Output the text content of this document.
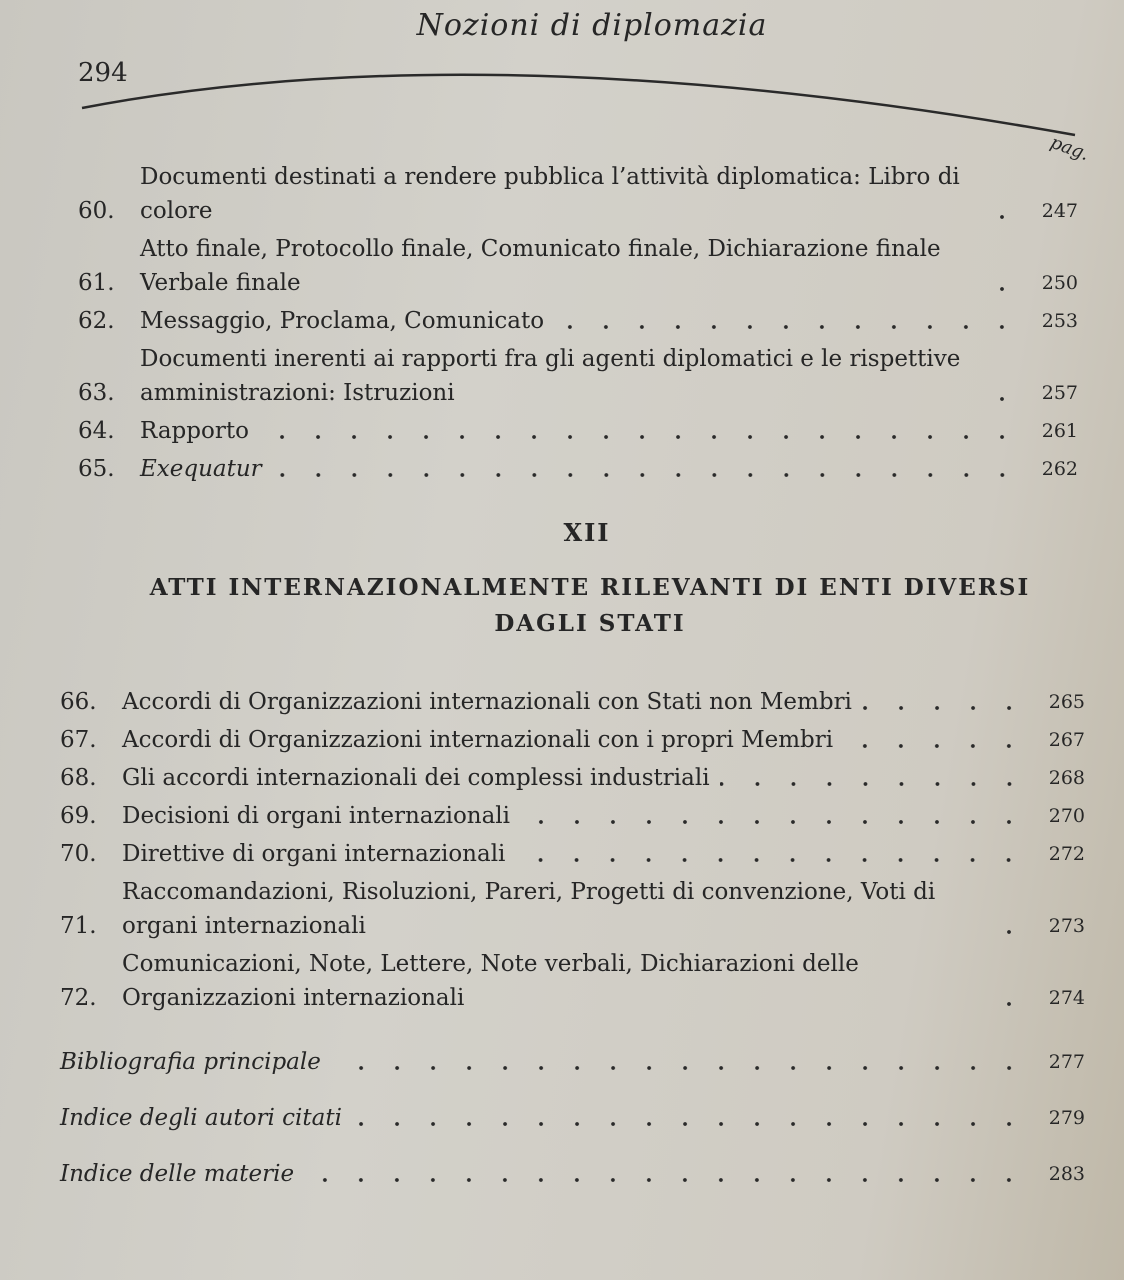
Nozioni di diplomazia
294
pag.
60.
Documenti destinati a rendere pubblica l’attività diplomatica: Libro di colore	247
61.
Atto finale, Protocollo finale, Comunicato finale, Dichiarazione finale Verbale finale	250
62.	Messaggio, Proclama, Comunicato	253
63.
Documenti inerenti ai rapporti fra gli agenti diplomatici e le rispettive amministrazioni: Istruzioni	257
64.	Rapporto	261
65.	Exequatur	262
XII
ATTI INTERNAZIONALMENTE RILEVANTI DI ENTI DIVERSI DAGLI STATI
66.	Accordi di Organizzazioni internazionali con Stati non Membri	265
67.	Accordi di Organizzazioni internazionali con i propri Membri	267
68.	Gli accordi internazionali dei complessi industriali	268
69.	Decisioni di organi internazionali	270
70.	Direttive di organi internazionali	272
71.
Raccomandazioni, Risoluzioni, Pareri, Progetti di convenzione, Voti di organi internazionali	273
72.
Comunicazioni, Note, Lettere, Note verbali, Dichiarazioni delle Organizzazioni internazionali	274
Bibliografia principale	277
Indice degli autori citati	279
Indice delle materie	283
